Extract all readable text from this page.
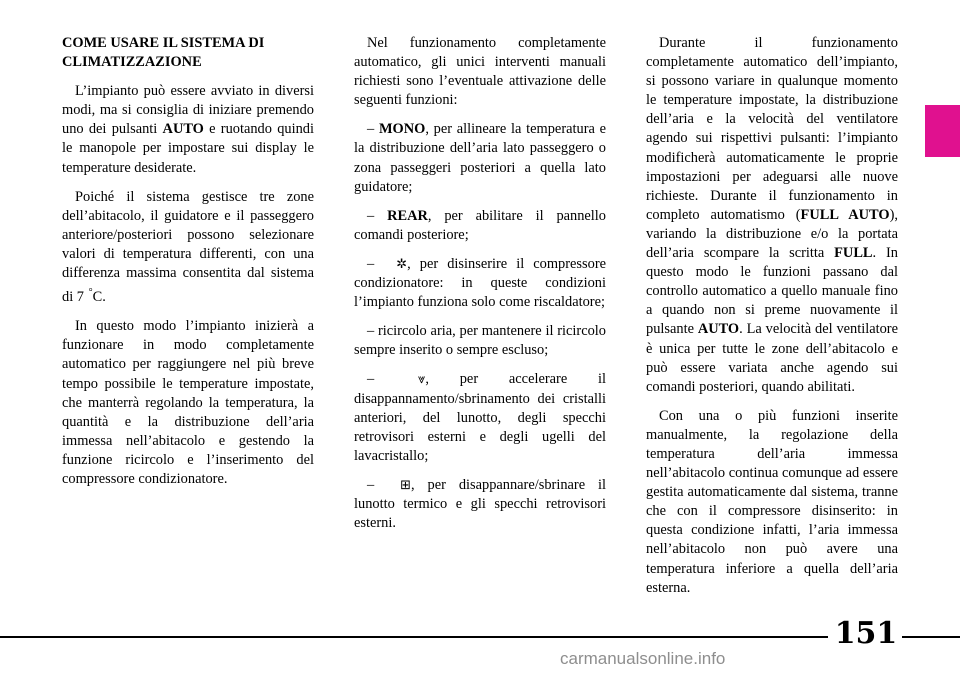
COME USARE IL SISTEMA DI CLIMATIZZAZIONE

L’impianto può essere avviato in diversi modi, ma si consiglia di iniziare premendo uno dei pulsanti AUTO e ruotando quindi le manopole per impostare sui display le temperature desiderate.

Poiché il sistema gestisce tre zone dell’abitacolo, il guidatore e il passeggero anteriore/posteriori possono selezionare valori di temperatura differenti, con una differenza massima consentita dal sistema di 7 °C.

In questo modo l’impianto inizierà a funzionare in modo completamente automatico per raggiungere nel più breve tempo possibile le temperature impostate, che manterrà regolando la temperatura, la quantità e la distribuzione dell’aria immessa nell’abitacolo e gestendo la funzione ricircolo e l’inserimento del compressore condizionatore.

Nel funzionamento completamente automatico, gli unici interventi manuali richiesti sono l’eventuale attivazione delle seguenti funzioni:

– MONO, per allineare la temperatura e la distribuzione dell’aria lato passeggero o zona passeggeri posteriori a quella lato guidatore;

– REAR, per abilitare il pannello comandi posteriore;

– ✲, per disinserire il compressore condizionatore: in queste condizioni l’impianto funziona solo come riscaldatore;

– ricircolo aria, per mantenere il ricircolo sempre inserito o sempre escluso;

– ⩔, per accelerare il disappannamento/sbrinamento dei cristalli anteriori, del lunotto, degli specchi retrovisori esterni e degli ugelli del lavacristallo;

– ⊞, per disappannare/sbrinare il lunotto termico e gli specchi retrovisori esterni.

Durante il funzionamento completamente automatico dell’impianto, si possono variare in qualunque momento le temperature impostate, la distribuzione dell’aria e la velocità del ventilatore agendo sui rispettivi pulsanti: l’impianto modificherà automaticamente le proprie impostazioni per adeguarsi alle nuove richieste. Durante il funzionamento in completo automatismo (FULL AUTO), variando la distribuzione e/o la portata dell’aria scompare la scritta FULL. In questo modo le funzioni passano dal controllo automatico a quello manuale fino a quando non si preme nuovamente il pulsante AUTO. La velocità del ventilatore è unica per tutte le zone dell’abitacolo e può essere variata anche agendo sui comandi posteriori, quando abilitati.

Con una o più funzioni inserite manualmente, la regolazione della temperatura dell’aria immessa nell’abitacolo continua comunque ad essere gestita automaticamente dal sistema, tranne che con il compressore disinserito: in questa condizione infatti, l’aria immessa nell’abitacolo non può avere una temperatura inferiore a quella dell’aria esterna.

151
carmanualsonline.info
